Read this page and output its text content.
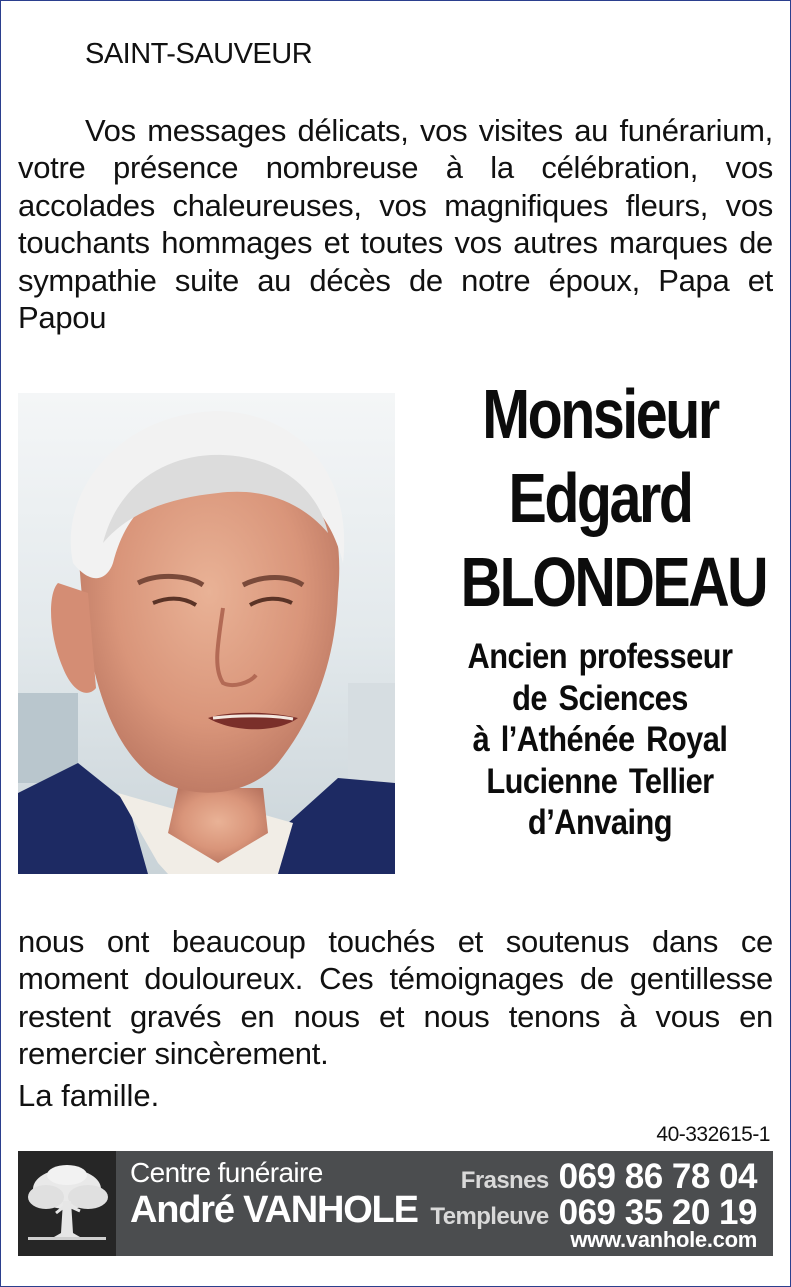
SAINT-SAUVEUR
Vos messages délicats, vos visites au funérarium, votre présence nombreuse à la célébration, vos accolades chaleureuses, vos magnifiques fleurs, vos touchants hommages et toutes vos autres marques de sympathie suite au décès de notre époux, Papa et Papou
Monsieur
Edgard
BLONDEAU
Ancien professeur
de Sciences
à l’Athénée Royal
Lucienne Tellier
d’Anvaing
nous ont beaucoup touchés et soutenus dans ce moment douloureux. Ces témoignages de gentillesse restent gravés en nous et nous tenons à vous en remercier sincèrement.
La famille.
40-332615-1
Centre funéraire
André VANHOLE
Frasnes 069 86 78 04
Templeuve 069 35 20 19
www.vanhole.com
